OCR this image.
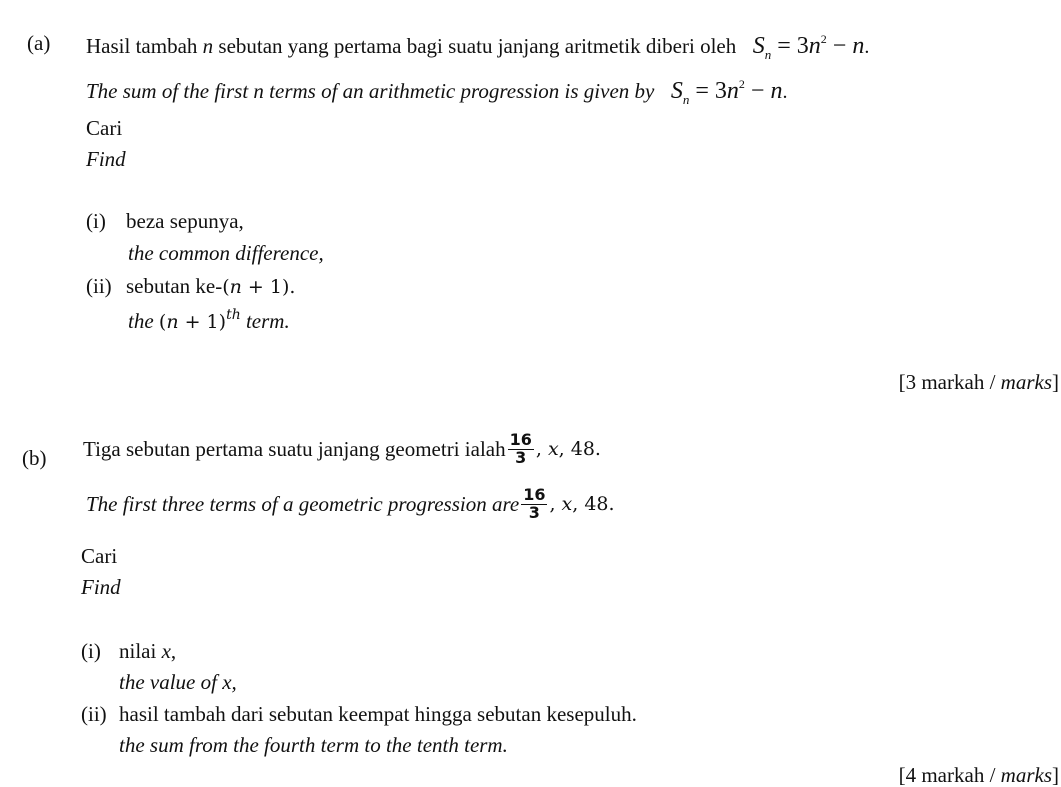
(a) Hasil tambah n sebutan yang pertama bagi suatu janjang aritmetik diberi oleh $S_n = 3n^2 - n$.
The sum of the first n terms of an arithmetic progression is given by $S_n = 3n^2 - n$.
Cari
Find
(i) beza sepunya,
the common difference,
(ii) sebutan ke-(𝑛 + 1).
the (𝑛 + 1)$^{𝑡ℎ}$ term.
[3 markah / marks]
(b) Tiga sebutan pertama suatu janjang geometri ialah $\frac{16}{3}$ , 𝑥, 48.
The first three terms of a geometric progression are $\frac{16}{3}$ , 𝑥, 48.
Cari
Find
(i) nilai x,
the value of x,
(ii) hasil tambah dari sebutan keempat hingga sebutan kesepuluh.
the sum from the fourth term to the tenth term.
[4 markah / marks]
